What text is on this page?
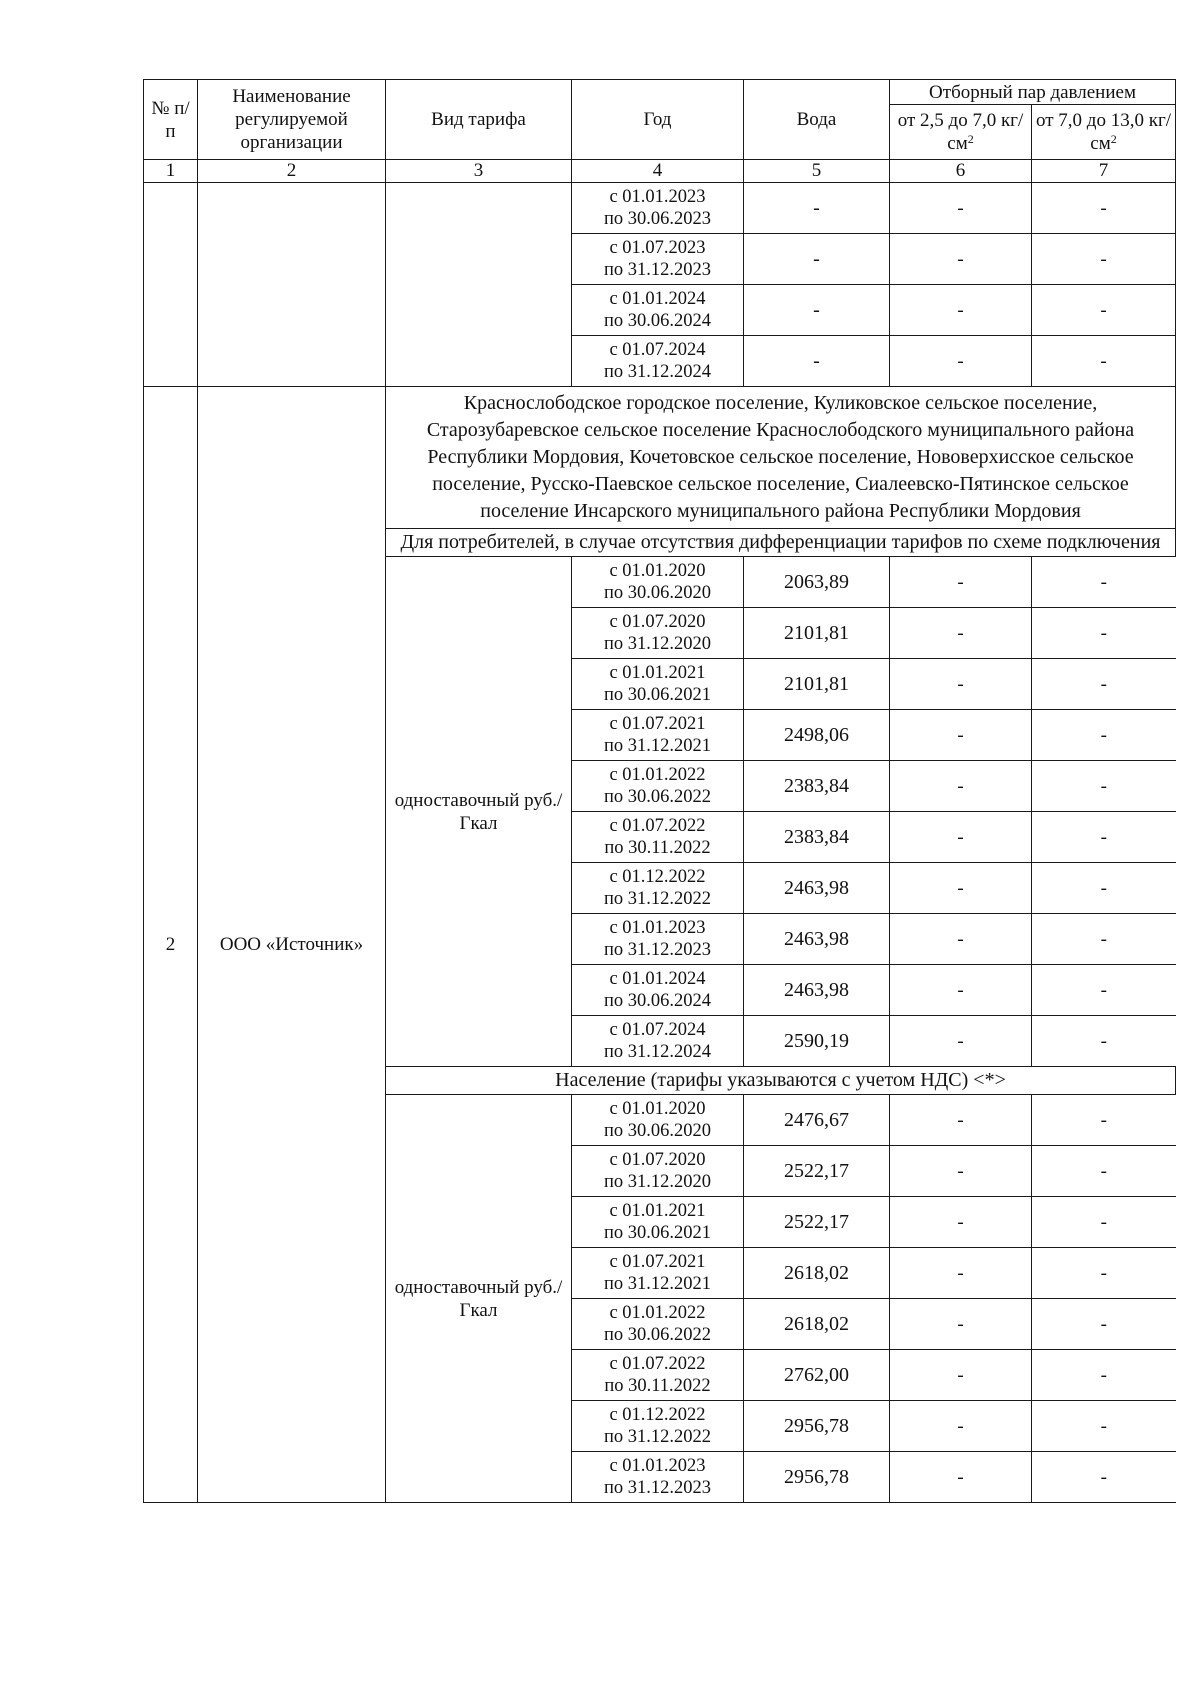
№ п/п	Наименование регулируемой организации	Вид тарифа	Год	Вода	Отборный пар давлением	
					от 2,5 до 7,0 $кг/см^2$	от 7,0 до 13,0 $кг/см^2$
1	2	3	4	5	6	7
			с 01.01.2023
по 30.06.2023	-	-	-
			с 01.07.2023
по 31.12.2023	-	-	-
			с 01.01.2024
по 30.06.2024	-	-	-
			с 01.07.2024
по 31.12.2024	-	-	-
2	ООО «Источник»	Краснослободское городское поселение, Куликовское сельское поселение, Старозубаревское сельское поселение Краснослободского муниципального района Республики Мордовия, Кочетовское сельское поселение, Нововерхисское сельское поселение, Русско-Паевское сельское поселение, Сиалеевско-Пятинское сельское поселение Инсарского муниципального района Республики Мордовия				
		Для потребителей, в случае отсутствия дифференциации тарифов по схеме подключения				
		одноставочный руб./Гкал	с 01.01.2020
по 30.06.2020	2063,89	-	-
			с 01.07.2020
по 31.12.2020	2101,81	-	-
			с 01.01.2021
по 30.06.2021	2101,81	-	-
			с 01.07.2021
по 31.12.2021	2498,06	-	-
			с 01.01.2022
по 30.06.2022	2383,84	-	-
			с 01.07.2022
по 30.11.2022	2383,84	-	-
			с 01.12.2022
по 31.12.2022	2463,98	-	-
			с 01.01.2023
по 31.12.2023	2463,98	-	-
			с 01.01.2024
по 30.06.2024	2463,98	-	-
			с 01.07.2024
по 31.12.2024	2590,19	-	-
		Население (тарифы указываются с учетом НДС) <*>				
		одноставочный руб./Гкал	с 01.01.2020
по 30.06.2020	2476,67	-	-
			с 01.07.2020
по 31.12.2020	2522,17	-	-
			с 01.01.2021
по 30.06.2021	2522,17	-	-
			с 01.07.2021
по 31.12.2021	2618,02	-	-
			с 01.01.2022
по 30.06.2022	2618,02	-	-
			с 01.07.2022
по 30.11.2022	2762,00	-	-
			с 01.12.2022
по 31.12.2022	2956,78	-	-
			с 01.01.2023
по 31.12.2023	2956,78	-	-
